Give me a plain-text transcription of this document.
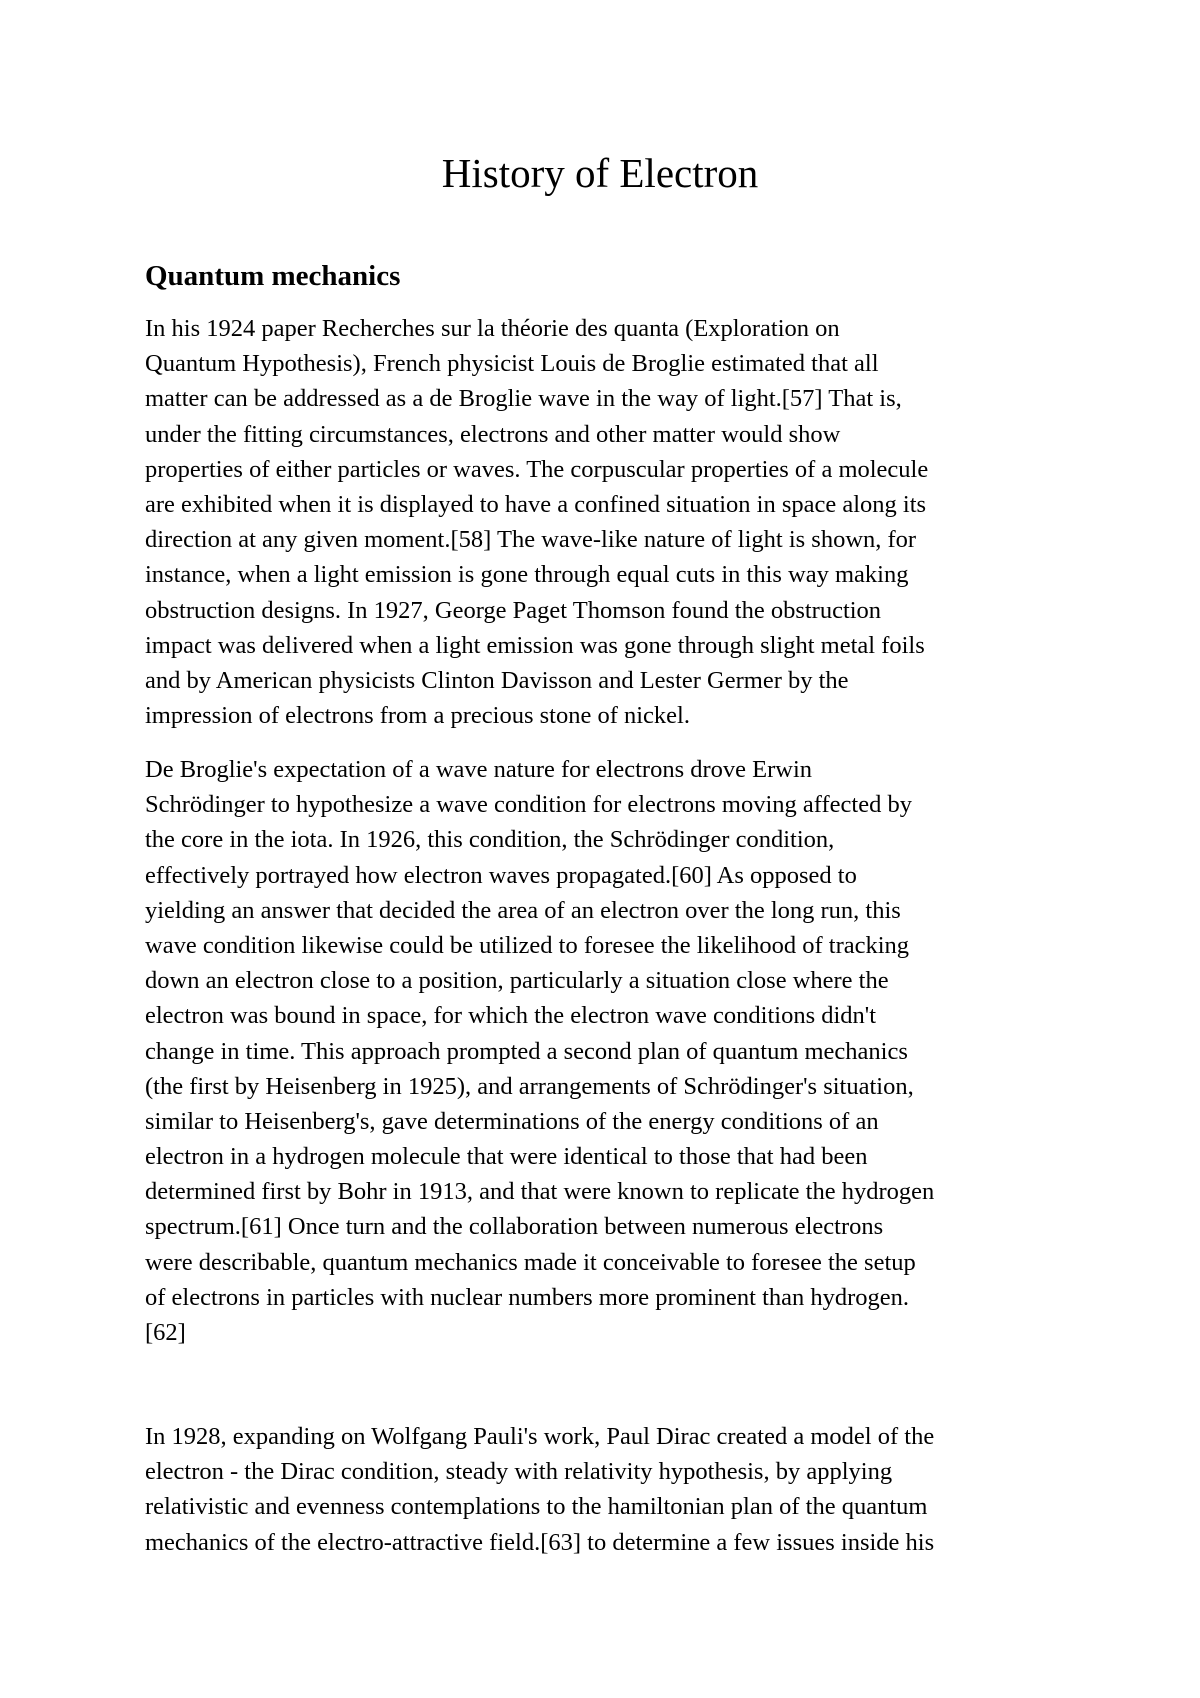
History of Electron
Quantum mechanics
In his 1924 paper Recherches sur la théorie des quanta (Exploration on
Quantum Hypothesis), French physicist Louis de Broglie estimated that all
matter can be addressed as a de Broglie wave in the way of light.[57] That is,
under the fitting circumstances, electrons and other matter would show
properties of either particles or waves. The corpuscular properties of a molecule
are exhibited when it is displayed to have a confined situation in space along its
direction at any given moment.[58] The wave-like nature of light is shown, for
instance, when a light emission is gone through equal cuts in this way making
obstruction designs. In 1927, George Paget Thomson found the obstruction
impact was delivered when a light emission was gone through slight metal foils
and by American physicists Clinton Davisson and Lester Germer by the
impression of electrons from a precious stone of nickel.
De Broglie's expectation of a wave nature for electrons drove Erwin
Schrödinger to hypothesize a wave condition for electrons moving affected by
the core in the iota. In 1926, this condition, the Schrödinger condition,
effectively portrayed how electron waves propagated.[60] As opposed to
yielding an answer that decided the area of an electron over the long run, this
wave condition likewise could be utilized to foresee the likelihood of tracking
down an electron close to a position, particularly a situation close where the
electron was bound in space, for which the electron wave conditions didn't
change in time. This approach prompted a second plan of quantum mechanics
(the first by Heisenberg in 1925), and arrangements of Schrödinger's situation,
similar to Heisenberg's, gave determinations of the energy conditions of an
electron in a hydrogen molecule that were identical to those that had been
determined first by Bohr in 1913, and that were known to replicate the hydrogen
spectrum.[61] Once turn and the collaboration between numerous electrons
were describable, quantum mechanics made it conceivable to foresee the setup
of electrons in particles with nuclear numbers more prominent than hydrogen.
[62]
In 1928, expanding on Wolfgang Pauli's work, Paul Dirac created a model of the
electron - the Dirac condition, steady with relativity hypothesis, by applying
relativistic and evenness contemplations to the hamiltonian plan of the quantum
mechanics of the electro-attractive field.[63] to determine a few issues inside his
